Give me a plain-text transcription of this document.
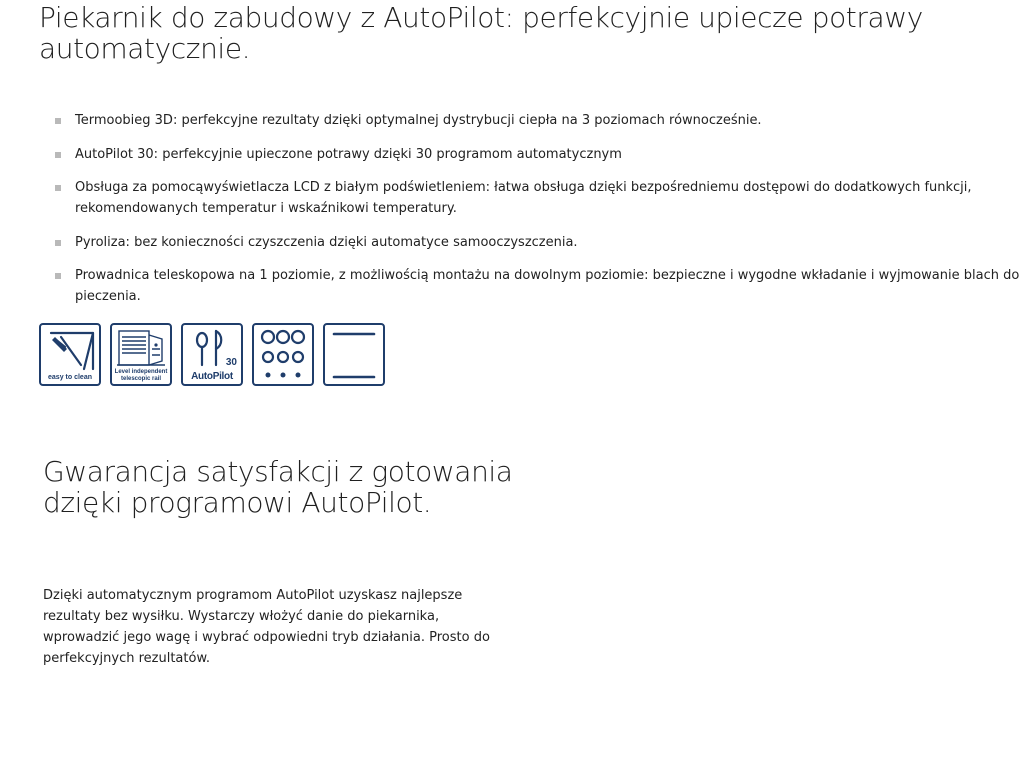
Piekarnik do zabudowy z AutoPilot: perfekcyjnie upiecze potrawy automatycznie.
Termoobieg 3D: perfekcyjne rezultaty dzięki optymalnej dystrybucji ciepła na 3 poziomach równocześnie.
AutoPilot 30: perfekcyjnie upieczone potrawy dzięki 30 programom automatycznym
Obsługa za pomocąwyświetlacza LCD z białym podświetleniem: łatwa obsługa dzięki bezpośredniemu dostępowi do dodatkowych funkcji, rekomendowanych temperatur i wskaźnikowi temperatury.
Pyroliza: bez konieczności czyszczenia dzięki automatyce samooczyszczenia.
Prowadnica teleskopowa na 1 poziomie, z możliwością montażu na dowolnym poziomie: bezpieczne i wygodne wkładanie i wyjmowanie blach do pieczenia.
easy to clean
Level independent
telescopic rail
30
AutoPilot
Gwarancja satysfakcji z gotowania dzięki programowi AutoPilot.

Dzięki automatycznym programom AutoPilot uzyskasz najlepsze rezultaty bez wysiłku. Wystarczy włożyć danie do piekarnika, wprowadzić jego wagę i wybrać odpowiedni tryb działania. Prosto do perfekcyjnych rezultatów.
